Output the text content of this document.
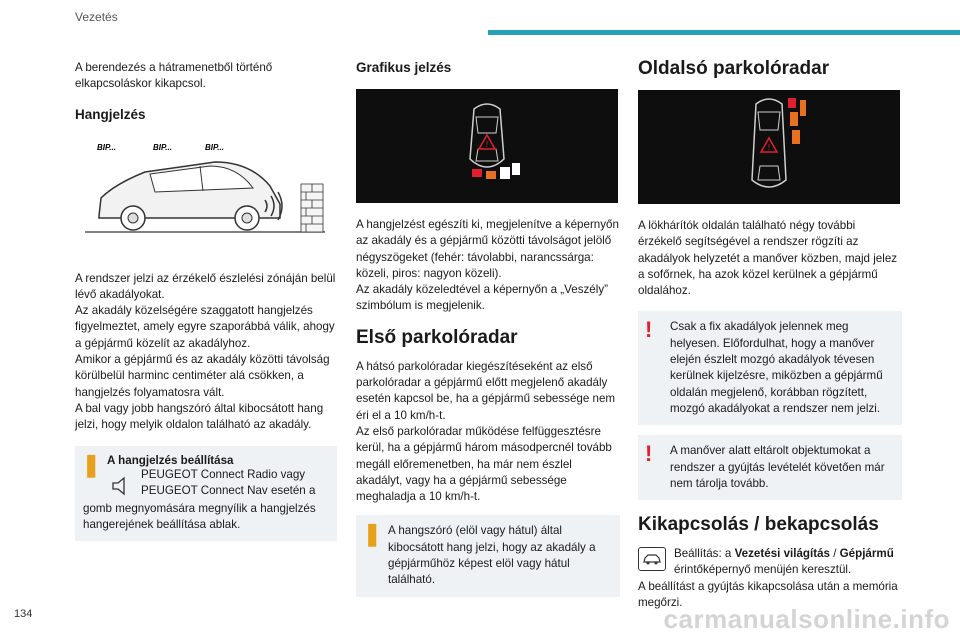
Vezetés

A berendezés a hátramenetből történő elkapcsoláskor kikapcsol.

Hangjelzés
BIP...	BIP...	BIP...

A rendszer jelzi az érzékelő észlelési zónáján belül lévő akadályokat.

Az akadály közelségére szaggatott hangjelzés figyelmeztet, amely egyre szaporábbá válik, ahogy a gépjármű közelít az akadályhoz.

Amikor a gépjármű és az akadály közötti távolság körülbelül harminc centiméter alá csökken, a hangjelzés folyamatosra vált.

A bal vagy jobb hangszóró által kibocsátott hang jelzi, hogy melyik oldalon található az akadály.

❚ A hangjelzés beállítása

PEUGEOT Connect Radio vagy PEUGEOT Connect Nav esetén a

gomb megnyomására megnyílik a hangjelzés hangerejének beállítása ablak.

Grafikus jelzés
!

A hangjelzést egészíti ki, megjelenítve a képernyőn az akadály és a gépjármű közötti távolságot jelölő négyszögeket (fehér: távolabbi, narancssárga: közeli, piros: nagyon közeli).

Az akadály közeledtével a képernyőn a „Veszély” szimbólum is megjelenik.

Első parkolóradar

A hátsó parkolóradar kiegészítéseként az első parkolóradar a gépjármű előtt megjelenő akadály esetén kapcsol be, ha a gépjármű sebessége nem éri el a 10 km/h-t.

Az első parkolóradar működése felfüggesztésre kerül, ha a gépjármű három másodpercnél tovább megáll előremenetben, ha már nem észlel akadályt, vagy ha a gépjármű sebessége meghaladja a 10 km/h-t.

❚ A hangszóró (elöl vagy hátul) által kibocsátott hang jelzi, hogy az akadály a gépjárműhöz képest elöl vagy hátul található.

Oldalsó parkolóradar
!

A lökhárítók oldalán található négy további érzékelő segítségével a rendszer rögzíti az akadályok helyzetét a manőver közben, majd jelez a sofőrnek, ha azok közel kerülnek a gépjármű oldalához.

!	Csak a fix akadályok jelennek meg helyesen. Előfordulhat, hogy a manőver elején észlelt mozgó akadályok tévesen kerülnek kijelzésre, miközben a gépjármű oldalán megjelenő, korábban rögzített, mozgó akadályokat a rendszer nem jelzi.

!	A manőver alatt eltárolt objektumokat a rendszer a gyújtás levételét követően már nem tárolja tovább.

Kikapcsolás / bekapcsolás

Beállítás: a Vezetési világítás / Gépjármű érintőképernyő menüjén keresztül.

A beállítást a gyújtás kikapcsolása után a memória megőrzi.

134	carmanualsonline.info
